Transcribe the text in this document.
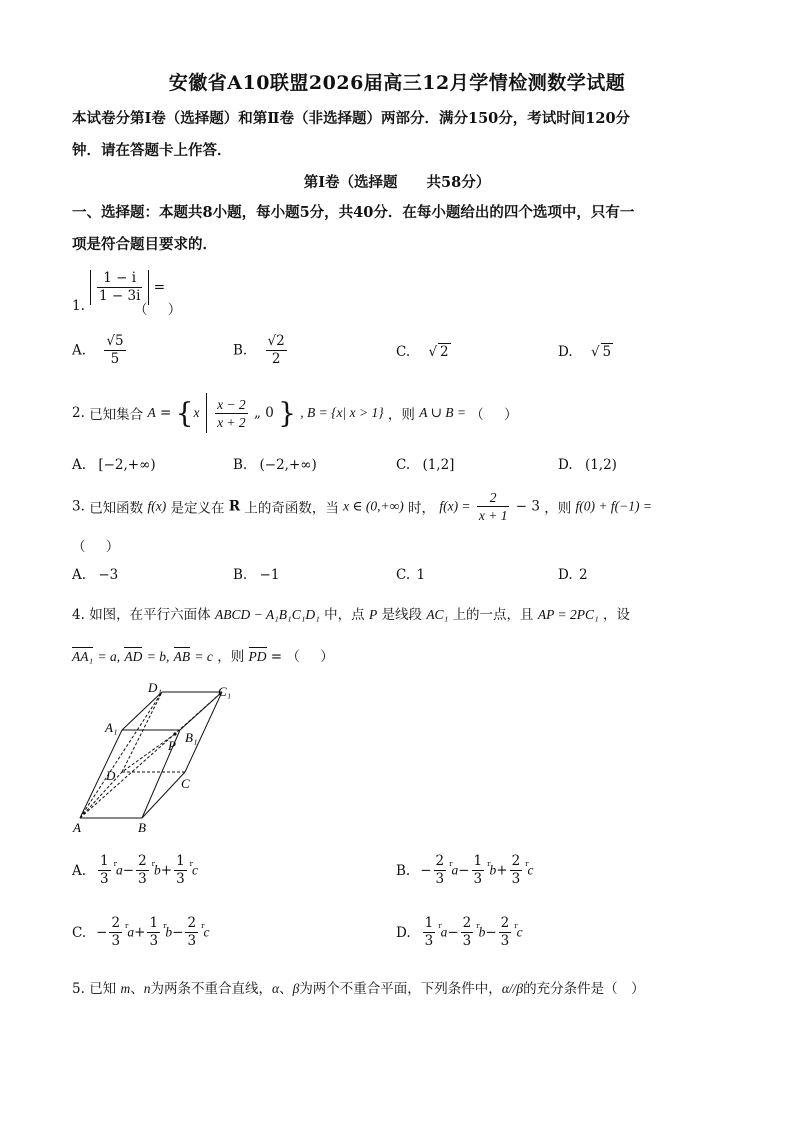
安徽省A10联盟2026届高三12月学情检测数学试题
本试卷分第Ⅰ卷（选择题）和第Ⅱ卷（非选择题）两部分．满分150分，考试时间120分
钟．请在答题卡上作答．
第Ⅰ卷（选择题　　共58分）
一、选择题：本题共8小题，每小题5分，共40分．在每小题给出的四个选项中，只有一
项是符合题目要求的．
1.
$\frac{1 - i}{1 - 3i}$ =
（ ）
A. $\frac{√5}{5}$	B. $\frac{√2}{2}$	C. √ 2	D. √ 5
2. 已知集合 $A = \{x \frac{x - 2}{x + 2}$ „ 0 } , B = {x| x > 1} ，则 A ∪ B = （ ）
A. [−2,+∞)	B. (−2,+∞)	C. (1,2]	D. (1,2)
3. 已知函数 f(x) 是定义在 R 上的奇函数，当 x ∈ (0,+∞) 时， $f(x) = \frac{2}{x + 1} - 3$ ，则 f(0) + f(−1) =
（ ）
A. −3	B. −1	C. 1	D. 2
4. 如图，在平行六面体 ABCD − A₁B₁C₁D₁ 中，点 P 是线段 AC₁ 上的一点，且 AP = 2PC₁ ，设
AA₁ = a, AD = b, AB = c ，则 PD = （ ）
D₁	C₁
A₁
B₁
P
D
C
A	B
A. $\frac{1}{3} ^ra- \frac{2}{3} ^rb+ \frac{1}{3} ^rc$	B. − $\frac{2}{3} ^ra- \frac{1}{3} ^rb+ \frac{2}{3} ^rc$
C. − $\frac{2}{3} ^ra+ \frac{1}{3} ^rb- \frac{2}{3} ^rc$	D. $\frac{1}{3} ^ra- \frac{2}{3} ^rb- \frac{2}{3} ^rc$
5. 已知 m、n为两条不重合直线，α、β为两个不重合平面，下列条件中，α//β的充分条件是（　）
